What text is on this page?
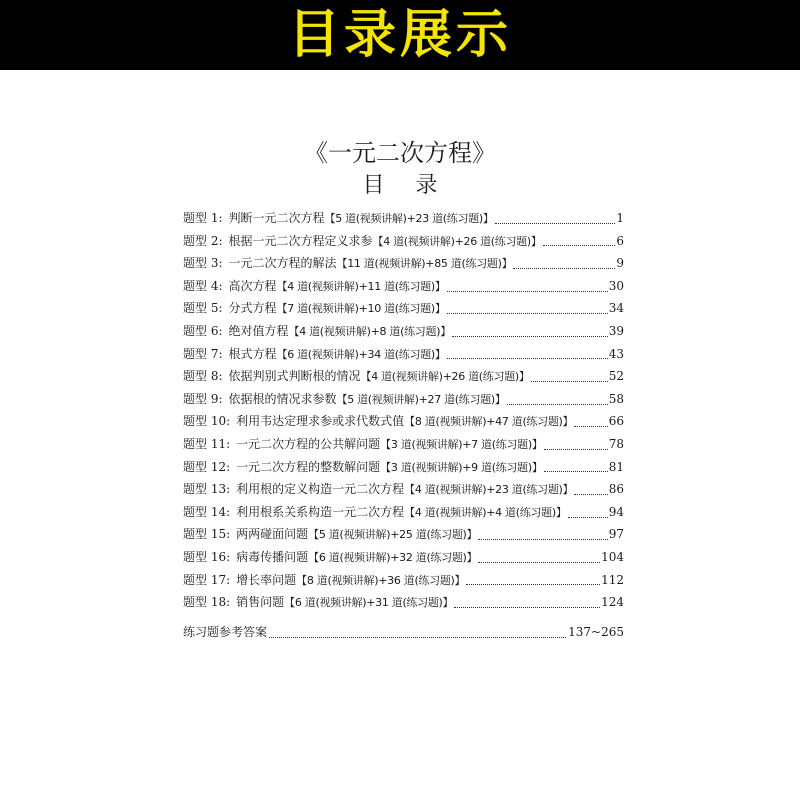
目录展示
《一元二次方程》
目 录
题型 1: 判断一元二次方程 【5 道(视频讲解)+23 道(练习题)】	1
题型 2: 根据一元二次方程定义求参 【4 道(视频讲解)+26 道(练习题)】	6
题型 3: 一元二次方程的解法 【11 道(视频讲解)+85 道(练习题)】	9
题型 4: 高次方程 【4 道(视频讲解)+11 道(练习题)】	30
题型 5: 分式方程 【7 道(视频讲解)+10 道(练习题)】	34
题型 6: 绝对值方程 【4 道(视频讲解)+8 道(练习题)】	39
题型 7: 根式方程 【6 道(视频讲解)+34 道(练习题)】	43
题型 8: 依据判别式判断根的情况 【4 道(视频讲解)+26 道(练习题)】	52
题型 9: 依据根的情况求参数 【5 道(视频讲解)+27 道(练习题)】	58
题型 10: 利用韦达定理求参或求代数式值 【8 道(视频讲解)+47 道(练习题)】	66
题型 11: 一元二次方程的公共解问题 【3 道(视频讲解)+7 道(练习题)】	78
题型 12: 一元二次方程的整数解问题 【3 道(视频讲解)+9 道(练习题)】	81
题型 13: 利用根的定义构造一元二次方程 【4 道(视频讲解)+23 道(练习题)】	86
题型 14: 利用根系关系构造一元二次方程 【4 道(视频讲解)+4 道(练习题)】	94
题型 15: 两两碰面问题 【5 道(视频讲解)+25 道(练习题)】	97
题型 16: 病毒传播问题 【6 道(视频讲解)+32 道(练习题)】	104
题型 17: 增长率问题 【8 道(视频讲解)+36 道(练习题)】	112
题型 18: 销售问题 【6 道(视频讲解)+31 道(练习题)】	124
练习题参考答案	137~265
